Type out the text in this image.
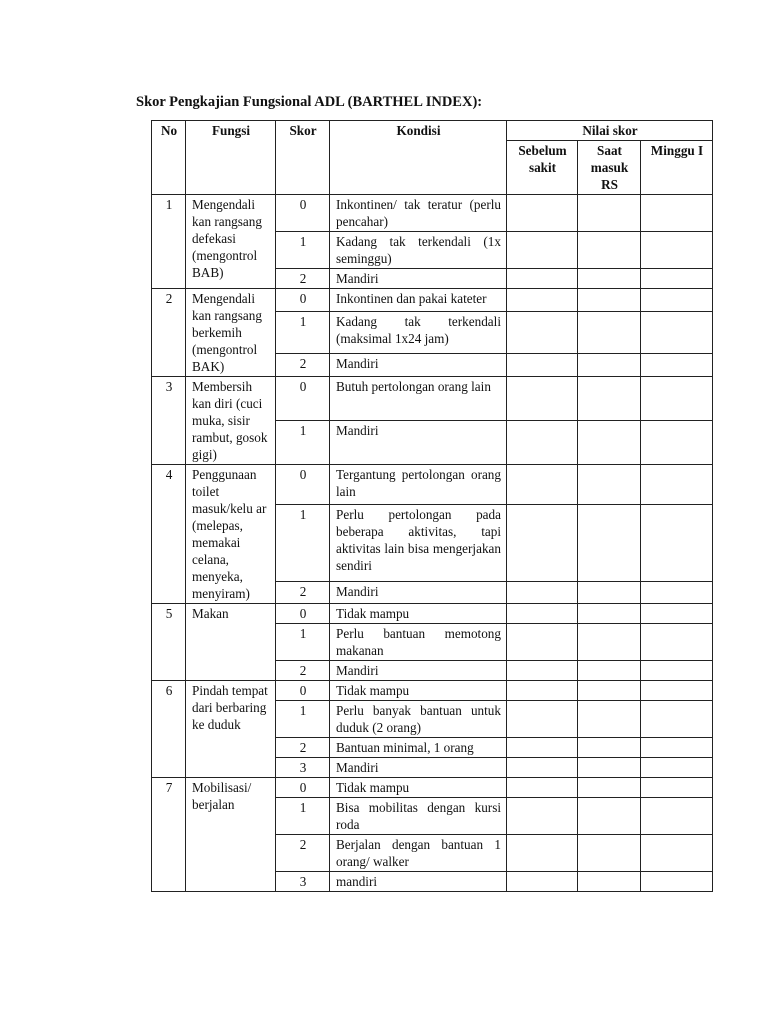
Skor Pengkajian Fungsional ADL (BARTHEL INDEX):
No	Fungsi	Skor	Kondisi	Nilai skor		
				Sebelum sakit	Saat masuk RS	Minggu I
1	Mengendali kan rangsang defekasi (mengontrol BAB)	0	Inkontinen/ tak teratur (perlu pencahar)			
		1	Kadang tak terkendali (1x seminggu)			
		2	Mandiri			
2	Mengendali kan rangsang berkemih (mengontrol BAK)	0	Inkontinen dan pakai kateter			
		1	Kadang tak terkendali (maksimal 1x24 jam)			
		2	Mandiri			
3	Membersih kan diri (cuci muka, sisir rambut, gosok gigi)	0	Butuh pertolongan orang lain			
		1	Mandiri			
4	Penggunaan toilet masuk/kelu ar (melepas, memakai celana, menyeka, menyiram)	0	Tergantung pertolongan orang lain			
		1	Perlu pertolongan pada beberapa aktivitas, tapi aktivitas lain bisa mengerjakan sendiri			
		2	Mandiri			
5	Makan	0	Tidak mampu			
		1	Perlu bantuan memotong makanan			
		2	Mandiri			
6	Pindah tempat dari berbaring ke duduk	0	Tidak mampu			
		1	Perlu banyak bantuan untuk duduk (2 orang)			
		2	Bantuan minimal, 1 orang			
		3	Mandiri			
7	Mobilisasi/ berjalan	0	Tidak mampu			
		1	Bisa mobilitas dengan kursi roda			
		2	Berjalan dengan bantuan 1 orang/ walker			
		3	mandiri			
